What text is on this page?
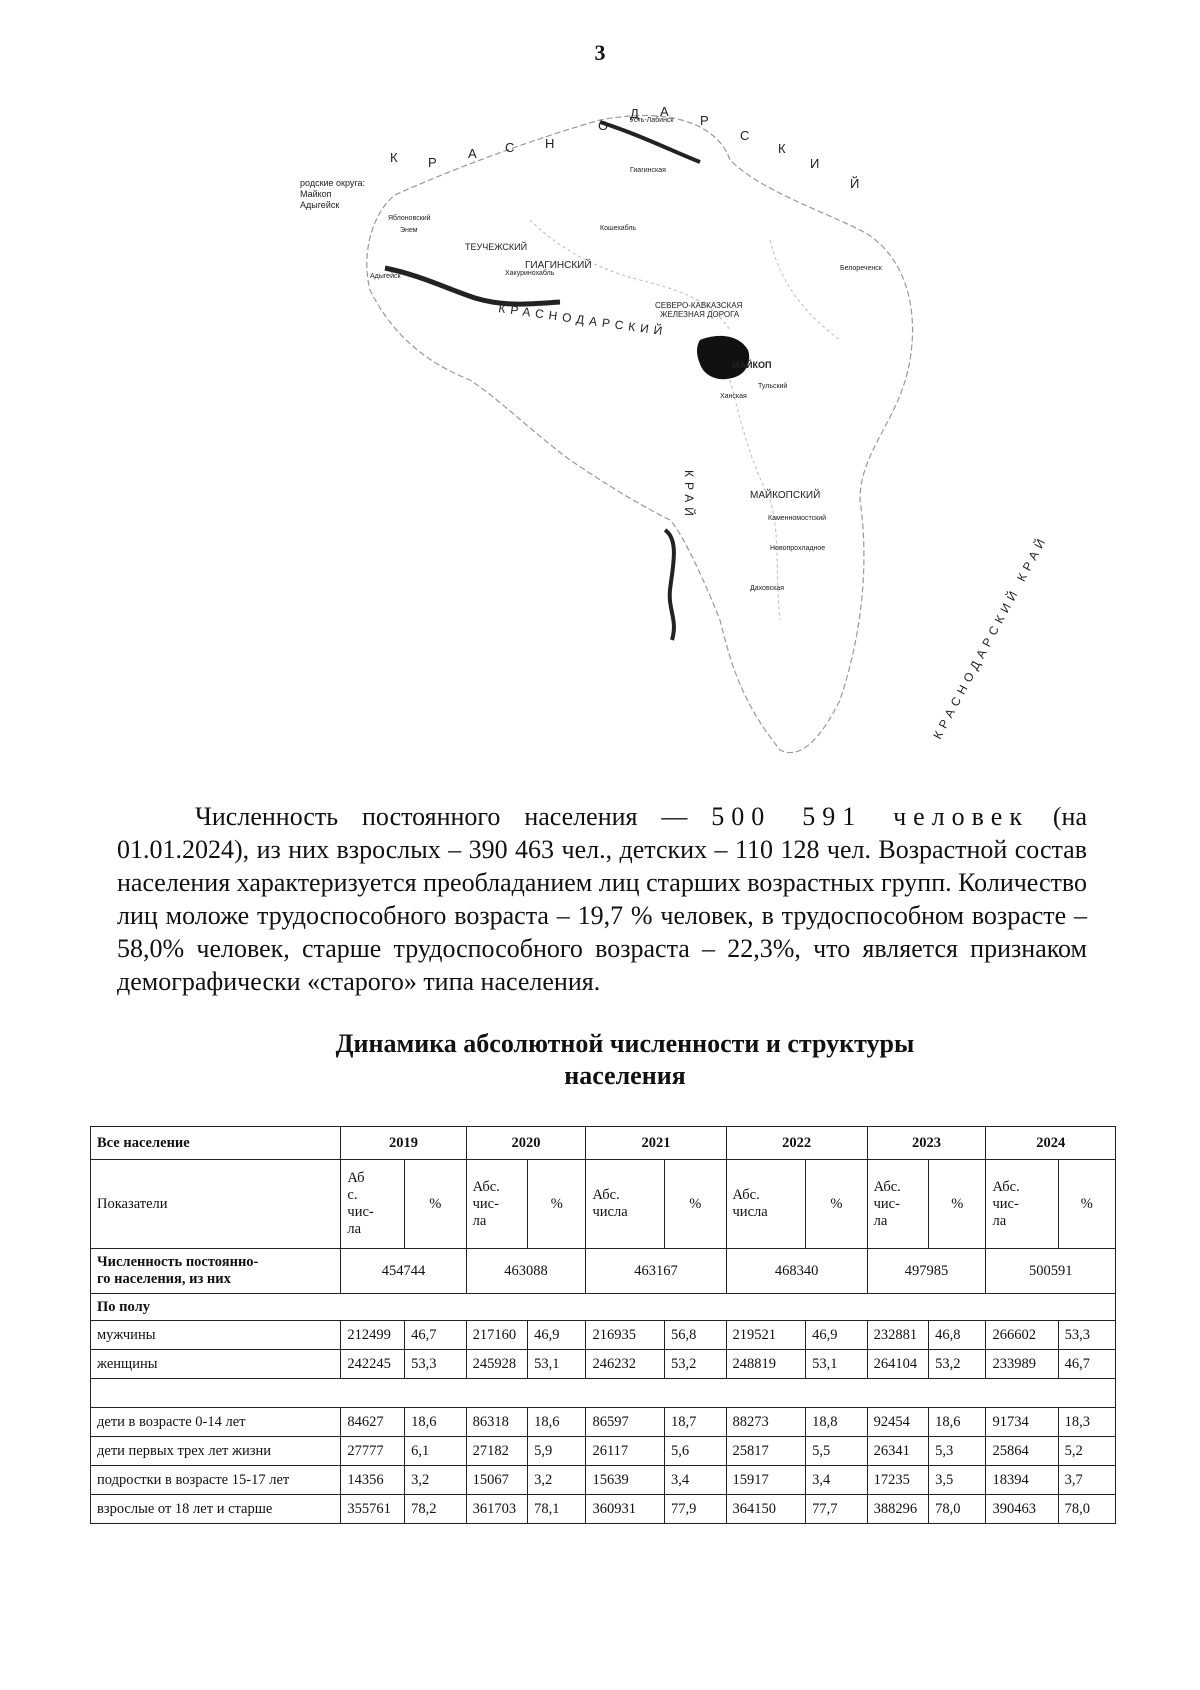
3
К Р
А С Н
О
Д А
Р
С
К
И
Й
родские округа:
Майкоп
Адыгейск
КРАСНОДАРСКИЙ
СЕВЕРО-КАВКАЗСКАЯ
ЖЕЛЕЗНАЯ ДОРОГА
МАЙКОП
ГИАГИНСКИЙ
МАЙКОПСКИЙ
ТЕУЧЕЖСКИЙ
Усть-Лабинск
Адыгейск
Яблоновский
Энем
Хакуринохабль
Кошехабль
Гиагинская
Ханская
Тульский
Каменномостский
Новопрохладное
Даховская
Белореченск
КРАСНОДАРСКИЙ КРАЙ
КРАЙ

Численность постоянного населения — 500 591 человек (на 01.01.2024), из них взрослых – 390 463 чел., детских – 110 128 чел. Возрастной состав населения характеризуется преобладанием лиц старших возрастных групп. Количество лиц моложе трудоспособного возраста – 19,7 % человек, в трудоспособном возрасте – 58,0% человек, старше трудоспособного возраста – 22,3%, что является признаком демографически «старого» типа населения.

Динамика абсолютной численности и структуры
населения
Все население	2019		2020		2021		2022		2023		2024	
Показатели	Аб
с.
чис-
ла	%	Абс.
чис-
ла	%	Абс.
числа	%	Абс.
числа	%	Абс.
чис-
ла	%	Абс.
чис-
ла	%
Численность постоянно-
го населения, из них	454744		463088		463167		468340		497985		500591	
По полу												
мужчины	212499	46,7	217160	46,9	216935	56,8	219521	46,9	232881	46,8	266602	53,3
женщины	242245	53,3	245928	53,1	246232	53,2	248819	53,1	264104	53,2	233989	46,7

дети в возрасте 0-14 лет	84627	18,6	86318	18,6	86597	18,7	88273	18,8	92454	18,6	91734	18,3
дети первых трех лет жизни	27777	6,1	27182	5,9	26117	5,6	25817	5,5	26341	5,3	25864	5,2
подростки в возрасте 15-17 лет	14356	3,2	15067	3,2	15639	3,4	15917	3,4	17235	3,5	18394	3,7
взрослые от 18 лет и старше	355761	78,2	361703	78,1	360931	77,9	364150	77,7	388296	78,0	390463	78,0
